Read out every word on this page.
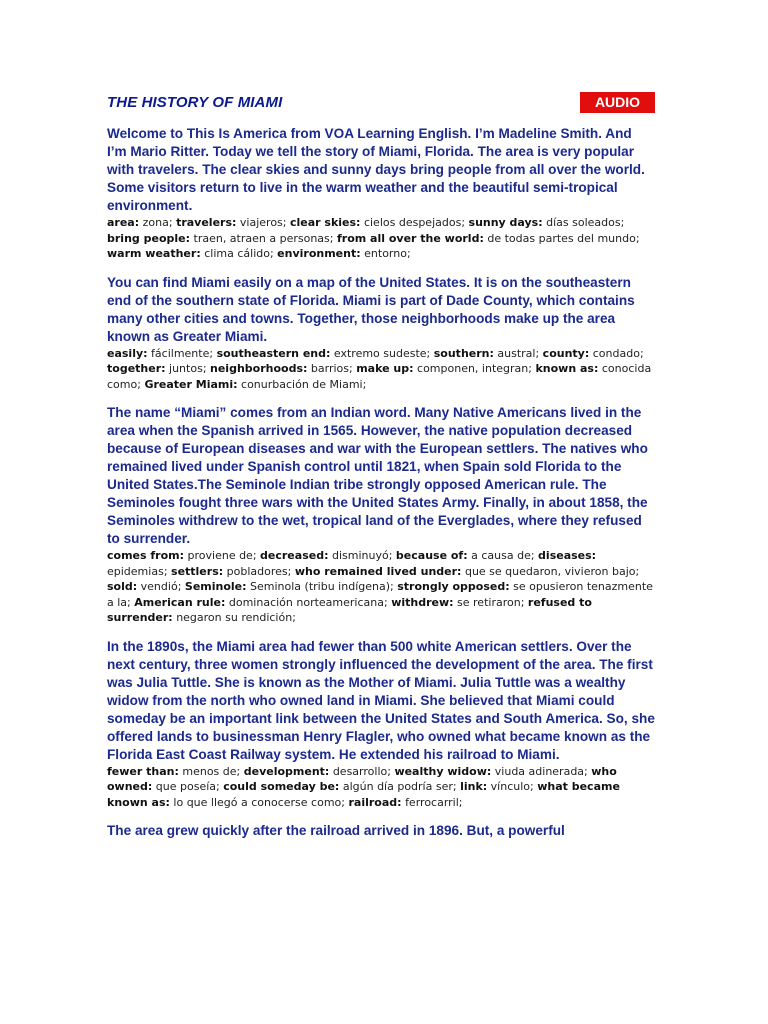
THE HISTORY OF MIAMI	AUDIO

Welcome to This Is America from VOA Learning English. I’m Madeline Smith. And I’m Mario Ritter. Today we tell the story of Miami, Florida. The area is very popular with travelers. The clear skies and sunny days bring people from all over the world. Some visitors return to live in the warm weather and the beautiful semi-tropical environment.

area: zona; travelers: viajeros; clear skies: cielos despejados; sunny days: días soleados; bring people: traen, atraen a personas; from all over the world: de todas partes del mundo; warm weather: clima cálido; environment: entorno;

You can find Miami easily on a map of the United States. It is on the southeastern end of the southern state of Florida. Miami is part of Dade County, which contains many other cities and towns. Together, those neighborhoods make up the area known as Greater Miami.

easily: fácilmente; southeastern end: extremo sudeste; southern: austral; county: condado; together: juntos; neighborhoods: barrios; make up: componen, integran; known as: conocida como; Greater Miami: conurbación de Miami;

The name “Miami” comes from an Indian word. Many Native Americans lived in the area when the Spanish arrived in 1565. However, the native population decreased because of European diseases and war with the European settlers. The natives who remained lived under Spanish control until 1821, when Spain sold Florida to the United States.The Seminole Indian tribe strongly opposed American rule. The Seminoles fought three wars with the United States Army. Finally, in about 1858, the Seminoles withdrew to the wet, tropical land of the Everglades, where they refused to surrender.

comes from: proviene de; decreased: disminuyó; because of: a causa de; diseases: epidemias; settlers: pobladores; who remained lived under: que se quedaron, vivieron bajo; sold: vendió; Seminole: Seminola (tribu indígena); strongly opposed: se opusieron tenazmente a la; American rule: dominación norteamericana; withdrew: se retiraron; refused to surrender: negaron su rendición;

In the 1890s, the Miami area had fewer than 500 white American settlers. Over the next century, three women strongly influenced the development of the area. The first was Julia Tuttle. She is known as the Mother of Miami. Julia Tuttle was a wealthy widow from the north who owned land in Miami. She believed that Miami could someday be an important link between the United States and South America. So, she offered lands to businessman Henry Flagler, who owned what became known as the Florida East Coast Railway system. He extended his railroad to Miami.

fewer than: menos de; development: desarrollo; wealthy widow: viuda adinerada; who owned: que poseía; could someday be: algún día podría ser; link: vínculo; what became known as: lo que llegó a conocerse como; railroad: ferrocarril;

The area grew quickly after the railroad arrived in 1896. But, a powerful
